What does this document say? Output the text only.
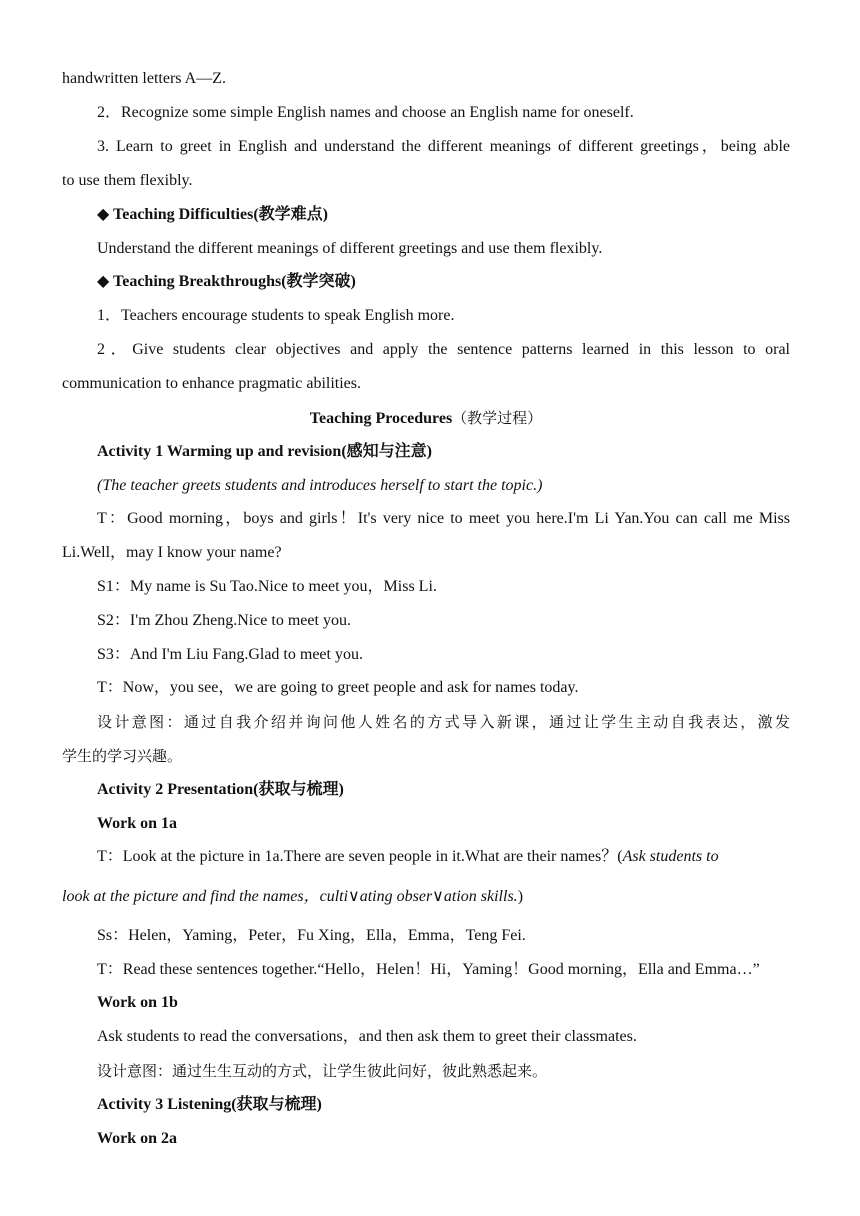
handwritten letters A—Z.
2．Recognize some simple English names and choose an English name for oneself.
3. Learn to greet in English and understand the different meanings of different greetings，being able
to use them flexibly.
◆ Teaching Difficulties(教学难点)
Understand the different meanings of different greetings and use them flexibly.
◆ Teaching Breakthroughs(教学突破)
1．Teachers encourage students to speak English more.
2．Give students clear objectives and apply the sentence patterns learned in this lesson to oral
communication to enhance pragmatic abilities.
Teaching Procedures（教学过程）
Activity 1 Warming up and revision(感知与注意)
(The teacher greets students and introduces herself to start the topic.)
T：Good morning，boys and girls！It's very nice to meet you here.I'm Li Yan.You can call me Miss
Li.Well，may I know your name?
S1：My name is Su Tao.Nice to meet you，Miss Li.
S2：I'm Zhou Zheng.Nice to meet you.
S3：And I'm Liu Fang.Glad to meet you.
T：Now，you see，we are going to greet people and ask for names today.
设计意图：通过自我介绍并询问他人姓名的方式导入新课，通过让学生主动自我表达，激发
学生的学习兴趣。
Activity 2 Presentation(获取与梳理)
Work on 1a
T：Look at the picture in 1a.There are seven people in it.What are their names？(Ask students to
look at the picture and find the names，culti∨ating obser∨ation skills.)
Ss：Helen，Yaming，Peter，Fu Xing，Ella，Emma，Teng Fei.
T：Read these sentences together.“Hello，Helen！Hi，Yaming！Good morning，Ella and Emma…”
Work on 1b
Ask students to read the conversations，and then ask them to greet their classmates.
设计意图：通过生生互动的方式，让学生彼此问好，彼此熟悉起来。
Activity 3 Listening(获取与梳理)
Work on 2a
